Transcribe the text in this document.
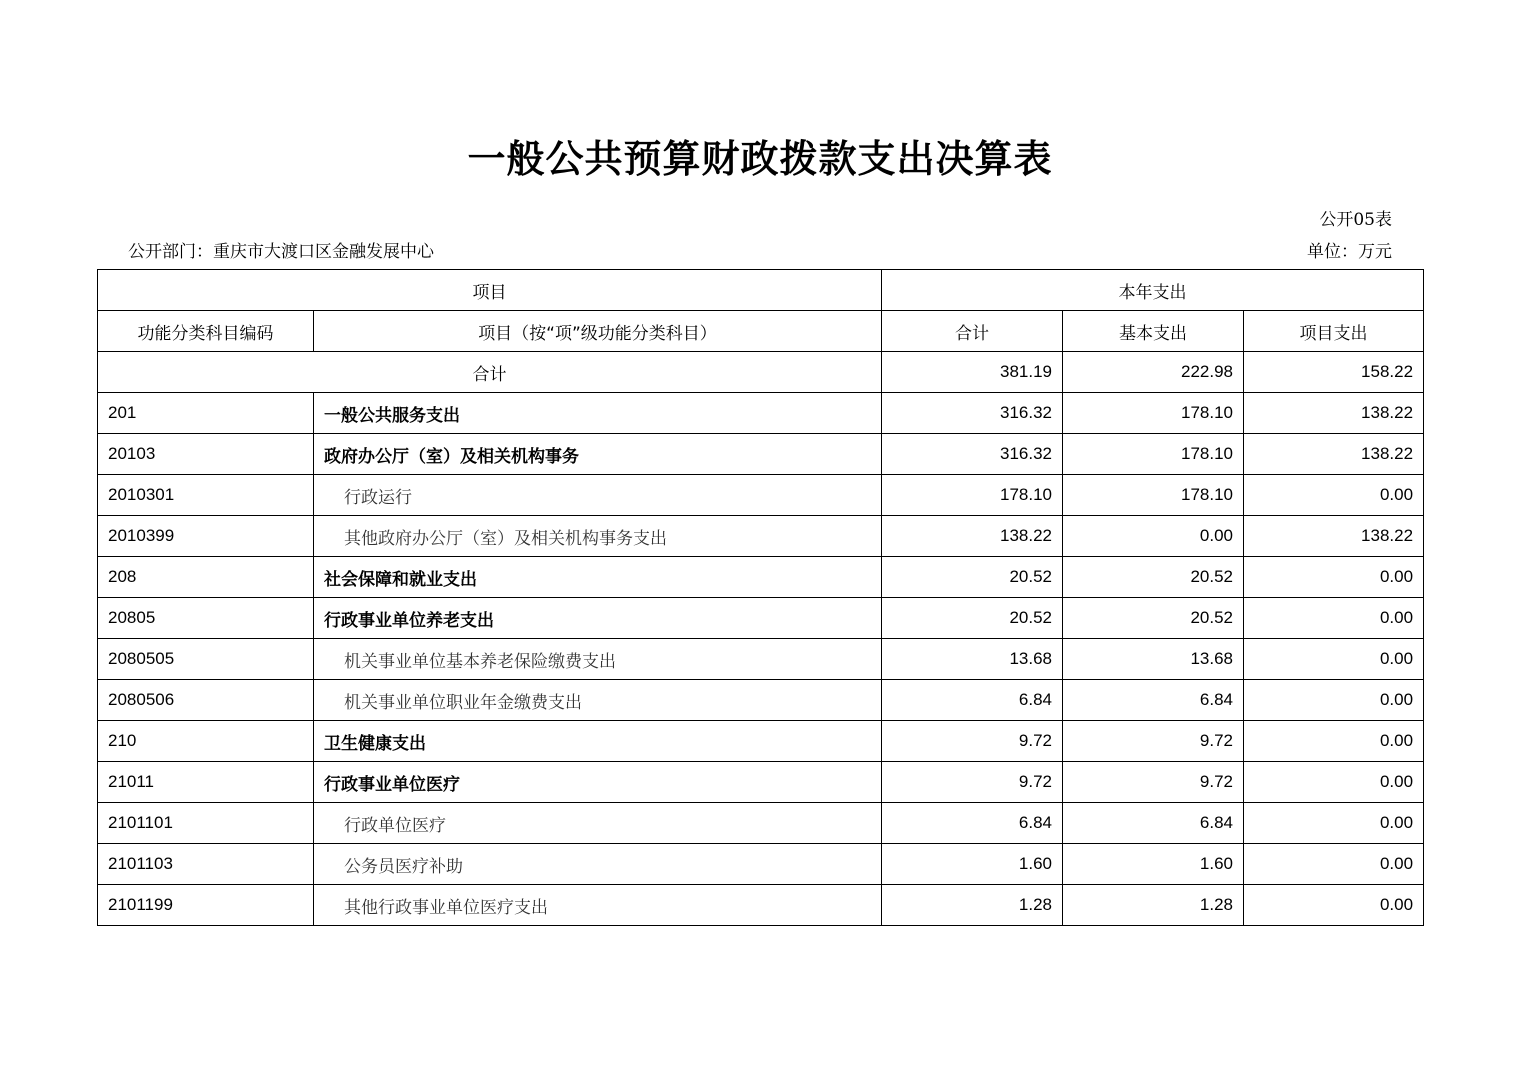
一般公共预算财政拨款支出决算表
公开05表
公开部门：重庆市大渡口区金融发展中心	单位：万元
项目		本年支出		
功能分类科目编码	项目（按“项”级功能分类科目）	合计	基本支出	项目支出
合计		381.19	222.98	158.22
201	一般公共服务支出	316.32	178.10	138.22
20103	政府办公厅（室）及相关机构事务	316.32	178.10	138.22
2010301	行政运行	178.10	178.10	0.00
2010399	其他政府办公厅（室）及相关机构事务支出	138.22	0.00	138.22
208	社会保障和就业支出	20.52	20.52	0.00
20805	行政事业单位养老支出	20.52	20.52	0.00
2080505	机关事业单位基本养老保险缴费支出	13.68	13.68	0.00
2080506	机关事业单位职业年金缴费支出	6.84	6.84	0.00
210	卫生健康支出	9.72	9.72	0.00
21011	行政事业单位医疗	9.72	9.72	0.00
2101101	行政单位医疗	6.84	6.84	0.00
2101103	公务员医疗补助	1.60	1.60	0.00
2101199	其他行政事业单位医疗支出	1.28	1.28	0.00
